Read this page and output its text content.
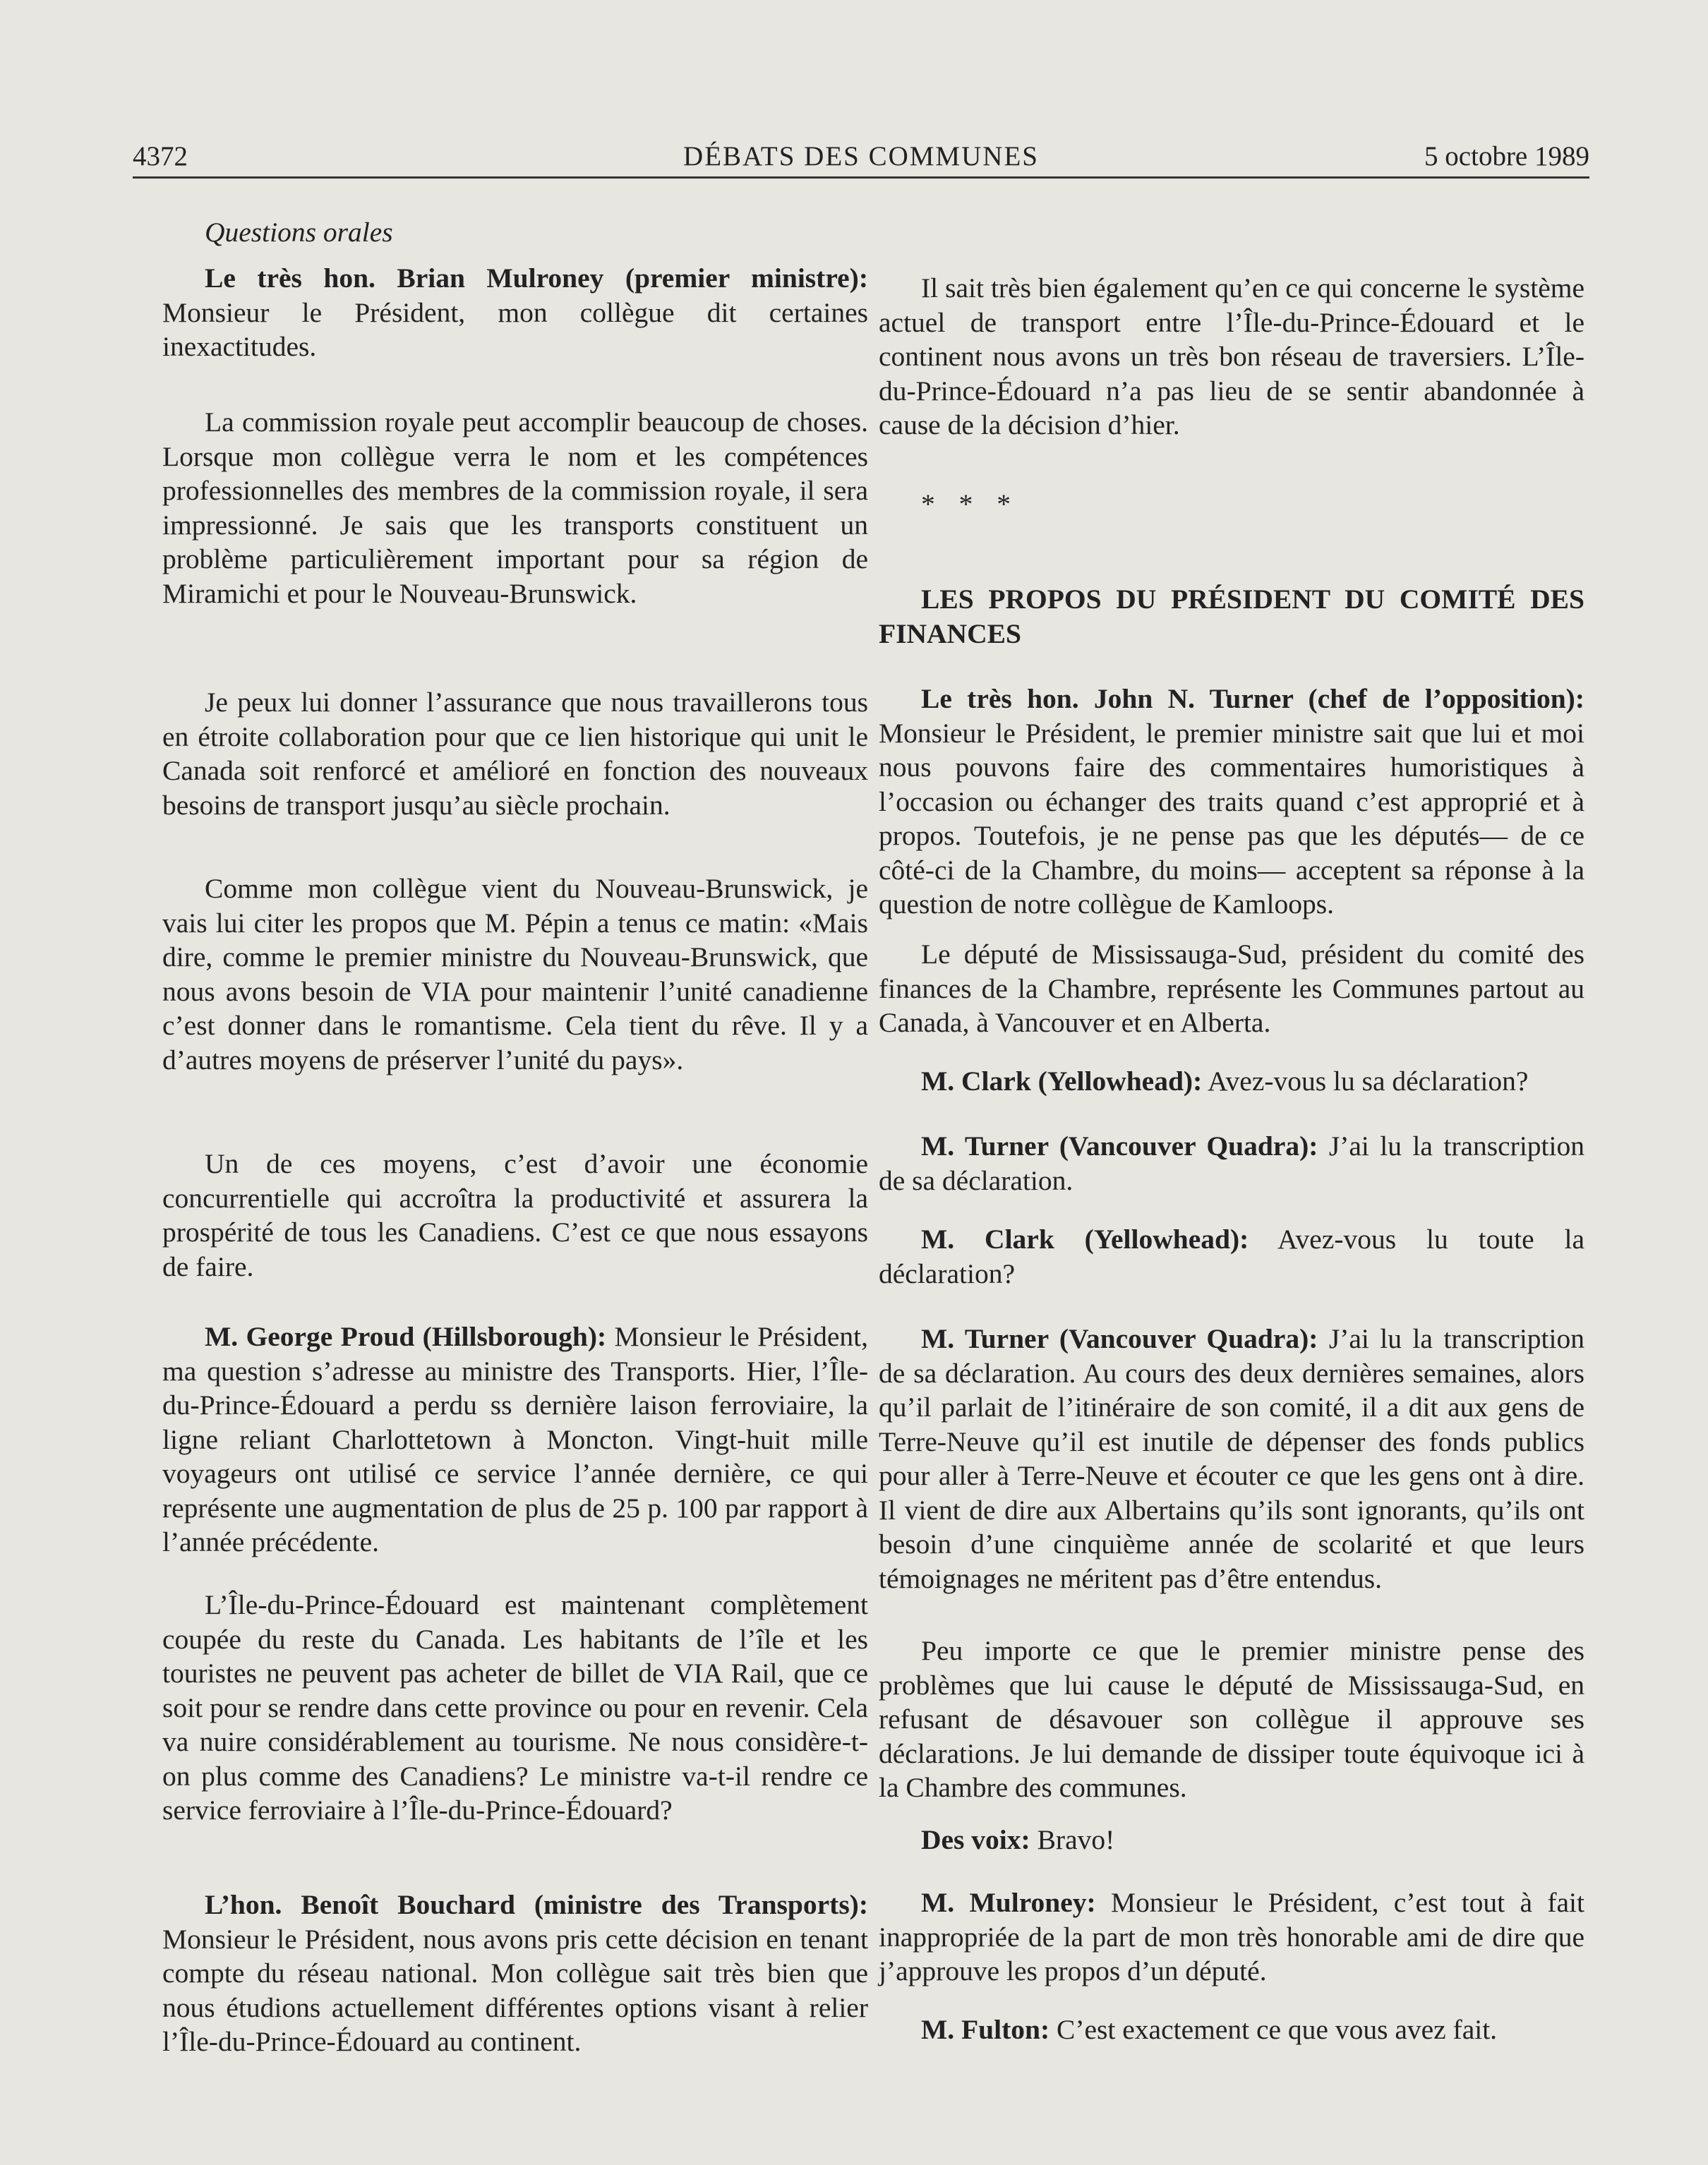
4372	DÉBATS DES COMMUNES	5 octobre 1989

Questions orales

Le très hon. Brian Mulroney (premier ministre): Monsieur le Président, mon collègue dit certaines inexactitudes.

La commission royale peut accomplir beaucoup de choses. Lorsque mon collègue verra le nom et les compétences professionnelles des membres de la commission royale, il sera impressionné. Je sais que les transports constituent un problème particulièrement important pour sa région de Miramichi et pour le Nouveau-Brunswick.

Je peux lui donner l’assurance que nous travaillerons tous en étroite collaboration pour que ce lien historique qui unit le Canada soit renforcé et amélioré en fonction des nouveaux besoins de transport jusqu’au siècle prochain.

Comme mon collègue vient du Nouveau-Brunswick, je vais lui citer les propos que M. Pépin a tenus ce matin: «Mais dire, comme le premier ministre du Nouveau-Brunswick, que nous avons besoin de VIA pour maintenir l’unité canadienne c’est donner dans le romantisme. Cela tient du rêve. Il y a d’autres moyens de préserver l’unité du pays».

Un de ces moyens, c’est d’avoir une économie concurrentielle qui accroîtra la productivité et assurera la prospérité de tous les Canadiens. C’est ce que nous essayons de faire.

M. George Proud (Hillsborough): Monsieur le Président, ma question s’adresse au ministre des Transports. Hier, l’Île-du-Prince-Édouard a perdu ss dernière laison ferroviaire, la ligne reliant Charlottetown à Moncton. Vingt-huit mille voyageurs ont utilisé ce service l’année dernière, ce qui représente une augmentation de plus de 25 p. 100 par rapport à l’année précédente.

L’Île-du-Prince-Édouard est maintenant complètement coupée du reste du Canada. Les habitants de l’île et les touristes ne peuvent pas acheter de billet de VIA Rail, que ce soit pour se rendre dans cette province ou pour en revenir. Cela va nuire considérablement au tourisme. Ne nous considère-t-on plus comme des Canadiens? Le ministre va-t-il rendre ce service ferroviaire à l’Île-du-Prince-Édouard?

L’hon. Benoît Bouchard (ministre des Transports): Monsieur le Président, nous avons pris cette décision en tenant compte du réseau national. Mon collègue sait très bien que nous étudions actuellement différentes options visant à relier l’Île-du-Prince-Édouard au continent.

Il sait très bien également qu’en ce qui concerne le système actuel de transport entre l’Île-du-Prince-Édouard et le continent nous avons un très bon réseau de traversiers. L’Île-du-Prince-Édouard n’a pas lieu de se sentir abandonnée à cause de la décision d’hier.

* * *

LES PROPOS DU PRÉSIDENT DU COMITÉ DES FINANCES

Le très hon. John N. Turner (chef de l’opposition): Monsieur le Président, le premier ministre sait que lui et moi nous pouvons faire des commentaires humoristiques à l’occasion ou échanger des traits quand c’est approprié et à propos. Toutefois, je ne pense pas que les députés— de ce côté-ci de la Chambre, du moins— acceptent sa réponse à la question de notre collègue de Kamloops.

Le député de Mississauga-Sud, président du comité des finances de la Chambre, représente les Communes partout au Canada, à Vancouver et en Alberta.

M. Clark (Yellowhead): Avez-vous lu sa déclaration?

M. Turner (Vancouver Quadra): J’ai lu la transcription de sa déclaration.

M. Clark (Yellowhead): Avez-vous lu toute la déclaration?

M. Turner (Vancouver Quadra): J’ai lu la transcription de sa déclaration. Au cours des deux dernières semaines, alors qu’il parlait de l’itinéraire de son comité, il a dit aux gens de Terre-Neuve qu’il est inutile de dépenser des fonds publics pour aller à Terre-Neuve et écouter ce que les gens ont à dire. Il vient de dire aux Albertains qu’ils sont ignorants, qu’ils ont besoin d’une cinquième année de scolarité et que leurs témoignages ne méritent pas d’être entendus.

Peu importe ce que le premier ministre pense des problèmes que lui cause le député de Mississauga-Sud, en refusant de désavouer son collègue il approuve ses déclarations. Je lui demande de dissiper toute équivoque ici à la Chambre des communes.

Des voix: Bravo!

M. Mulroney: Monsieur le Président, c’est tout à fait inappropriée de la part de mon très honorable ami de dire que j’approuve les propos d’un député.

M. Fulton: C’est exactement ce que vous avez fait.
